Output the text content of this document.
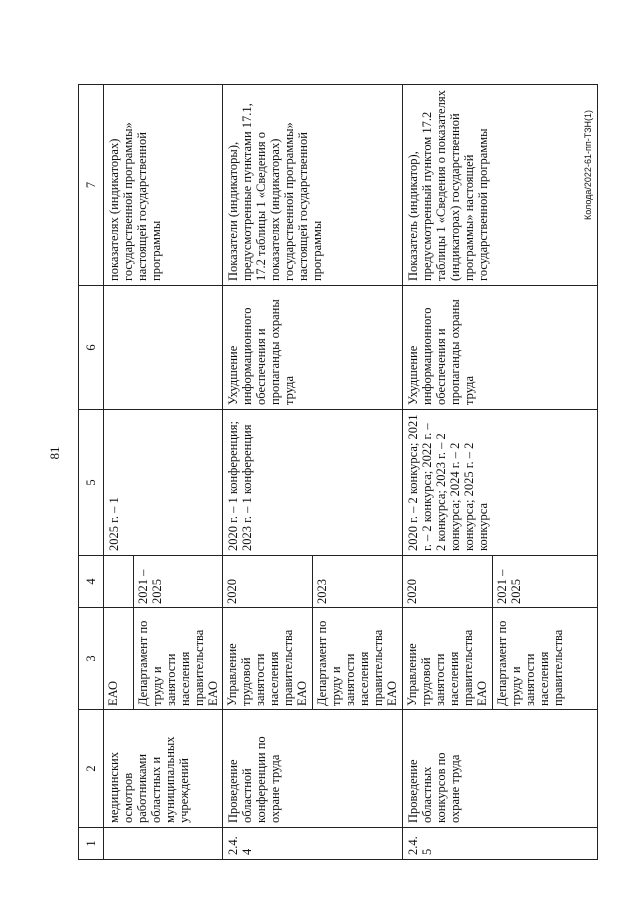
81
Колода/2022-61-пп-ТЗН(1)
1	2	3	4	5	6	7
	медицинских осмотров работниками областных и муниципальных учреждений	ЕАО		2025 г. – 1		показателях (индикаторах) государственной программы» настоящей государственной программы
		Департамент по труду и занятости населения правительства ЕАО	2021 – 2025			
2.4.4	Проведение областной конференции по охране труда	Управление трудовой занятости населения правительства ЕАО	2020	2020 г. – 1 конференция; 2023 г. – 1 конференция	Ухудшение информационного обеспечения и пропаганды охраны труда	Показатели (индикаторы), предусмотренные пунктами 17.1, 17.2 таблицы 1 «Сведения о показателях (индикаторах) государственной программы» настоящей государственной программы
		Департамент по труду и занятости населения правительства ЕАО	2023			
2.4.5	Проведение областных конкурсов по охране труда	Управление трудовой занятости населения правительства ЕАО	2020	2020 г. – 2 конкурса; 2021 г. – 2 конкурса; 2022 г. – 2 конкурса; 2023 г. – 2 конкурса; 2024 г. – 2 конкурса; 2025 г. – 2 конкурса	Ухудшение информационного обеспечения и пропаганды охраны труда	Показатель (индикатор), предусмотренный пунктом 17.2 таблицы 1 «Сведения о показателях (индикаторах) государственной программы» настоящей государственной программы
		Департамент по труду и занятости населения правительства	2021 – 2025			
